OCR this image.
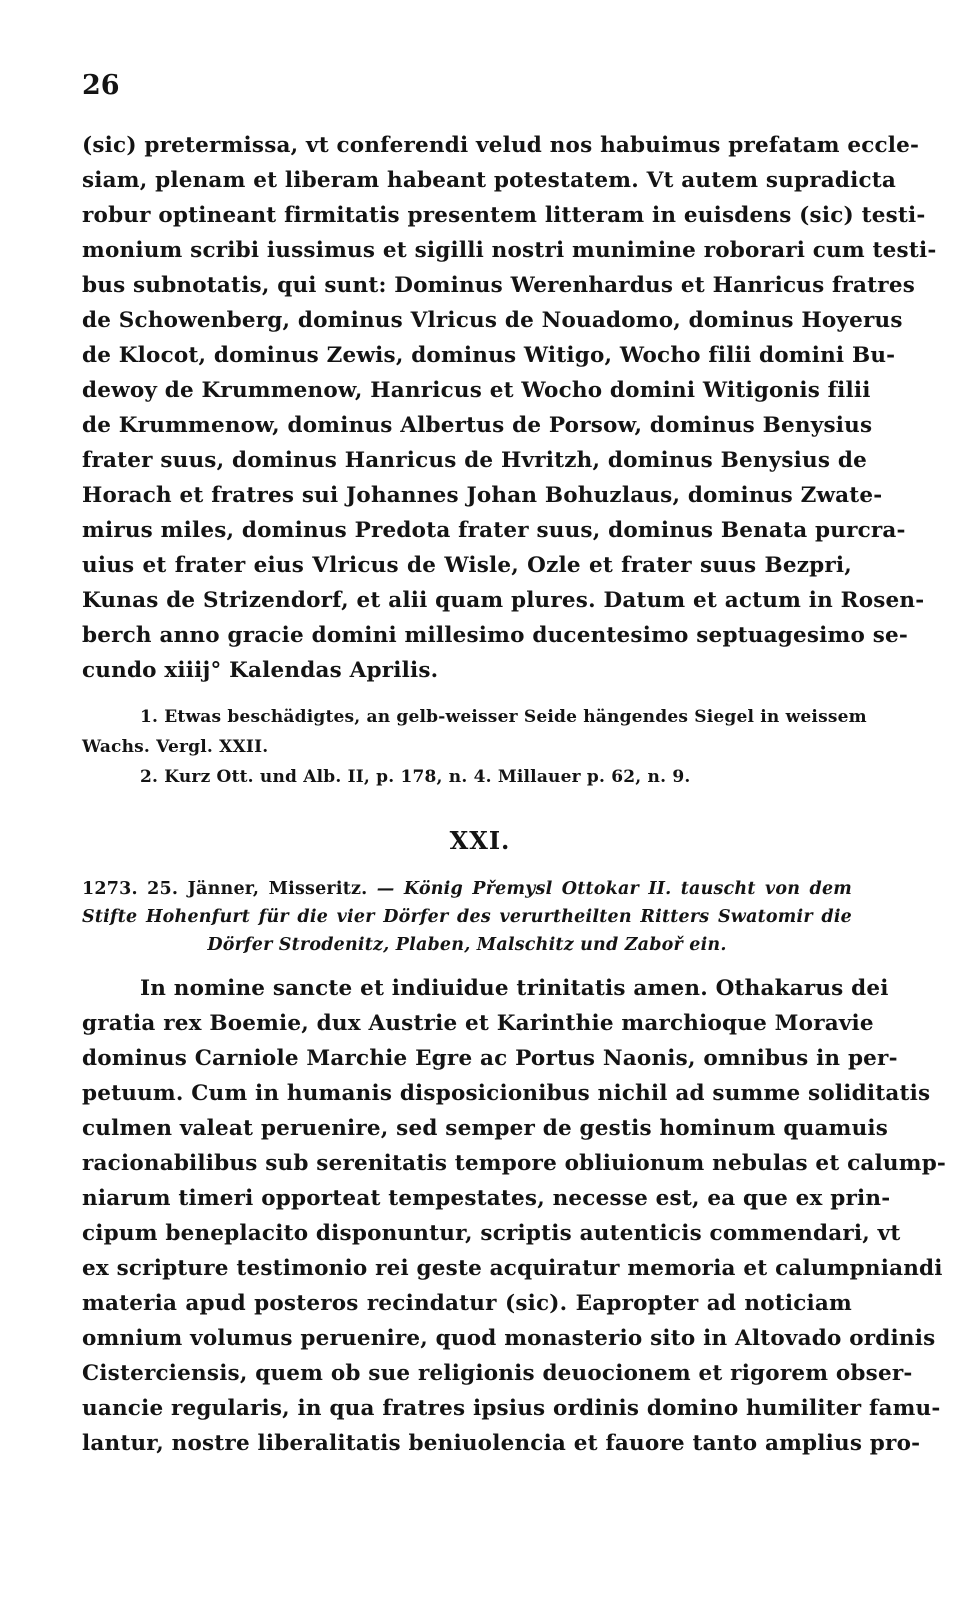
26

(sic) pretermissa, vt conferendi velud nos habuimus prefatam eccle-

siam, plenam et liberam habeant potestatem. Vt autem supradicta

robur optineant firmitatis presentem litteram in euisdens (sic) testi-

monium scribi iussimus et sigilli nostri munimine roborari cum testi-

bus subnotatis, qui sunt: Dominus Werenhardus et Hanricus fratres

de Schowenberg, dominus Vlricus de Nouadomo, dominus Hoyerus

de Klocot, dominus Zewis, dominus Witigo, Wocho filii domini Bu-

dewoy de Krummenow, Hanricus et Wocho domini Witigonis filii

de Krummenow, dominus Albertus de Porsow, dominus Benysius

frater suus, dominus Hanricus de Hvritzh, dominus Benysius de

Horach et fratres sui Johannes Johan Bohuzlaus, dominus Zwate-

mirus miles, dominus Predota frater suus, dominus Benata purcra-

uius et frater eius Vlricus de Wisle, Ozle et frater suus Bezpri,

Kunas de Strizendorf, et alii quam plures. Datum et actum in Rosen-

berch anno gracie domini millesimo ducentesimo septuagesimo se-

cundo xiiij° Kalendas Aprilis.

1. Etwas beschädigtes, an gelb-weisser Seide hängendes Siegel in weissem

Wachs. Vergl. XXII.

2. Kurz Ott. und Alb. II, p. 178, n. 4. Millauer p. 62, n. 9.

XXI.

1273. 25. Jänner, Misseritz. — König Přemysl Ottokar II. tauscht von dem

Stifte Hohenfurt für die vier Dörfer des verurtheilten Ritters Swatomir die

Dörfer Strodenitz, Plaben, Malschitz und Zaboř ein.

In nomine sancte et indiuidue trinitatis amen. Othakarus dei

gratia rex Boemie, dux Austrie et Karinthie marchioque Moravie

dominus Carniole Marchie Egre ac Portus Naonis, omnibus in per-

petuum. Cum in humanis disposicionibus nichil ad summe soliditatis

culmen valeat peruenire, sed semper de gestis hominum quamuis

racionabilibus sub serenitatis tempore obliuionum nebulas et calump-

niarum timeri opporteat tempestates, necesse est, ea que ex prin-

cipum beneplacito disponuntur, scriptis autenticis commendari, vt

ex scripture testimonio rei geste acquiratur memoria et calumpniandi

materia apud posteros recindatur (sic). Eapropter ad noticiam

omnium volumus peruenire, quod monasterio sito in Altovado ordinis

Cisterciensis, quem ob sue religionis deuocionem et rigorem obser-

uancie regularis, in qua fratres ipsius ordinis domino humiliter famu-

lantur, nostre liberalitatis beniuolencia et fauore tanto amplius pro-
